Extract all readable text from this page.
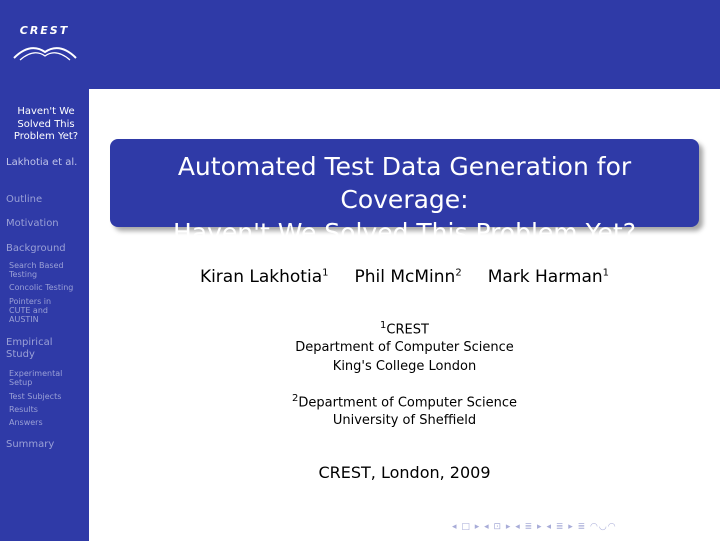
CREST
Haven't We Solved This Problem Yet?
Lakhotia et al.
Outline
Motivation
Background
Search Based Testing
Concolic Testing
Pointers in CUTE and AUSTIN
Empirical Study
Experimental Setup
Test Subjects
Results
Answers
Summary
Automated Test Data Generation for Coverage:
Haven't We Solved This Problem Yet?
Kiran Lakhotia$^1$ Phil McMinn$^2$ Mark Harman$^1$
$^1$CREST
Department of Computer Science
King's College London
$^2$Department of Computer Science
University of Sheffield
CREST, London, 2009
◂ □ ▸ ◂ ⊡ ▸ ◂ ≣ ▸ ◂ ≣ ▸ ≣ ◠◡◠
